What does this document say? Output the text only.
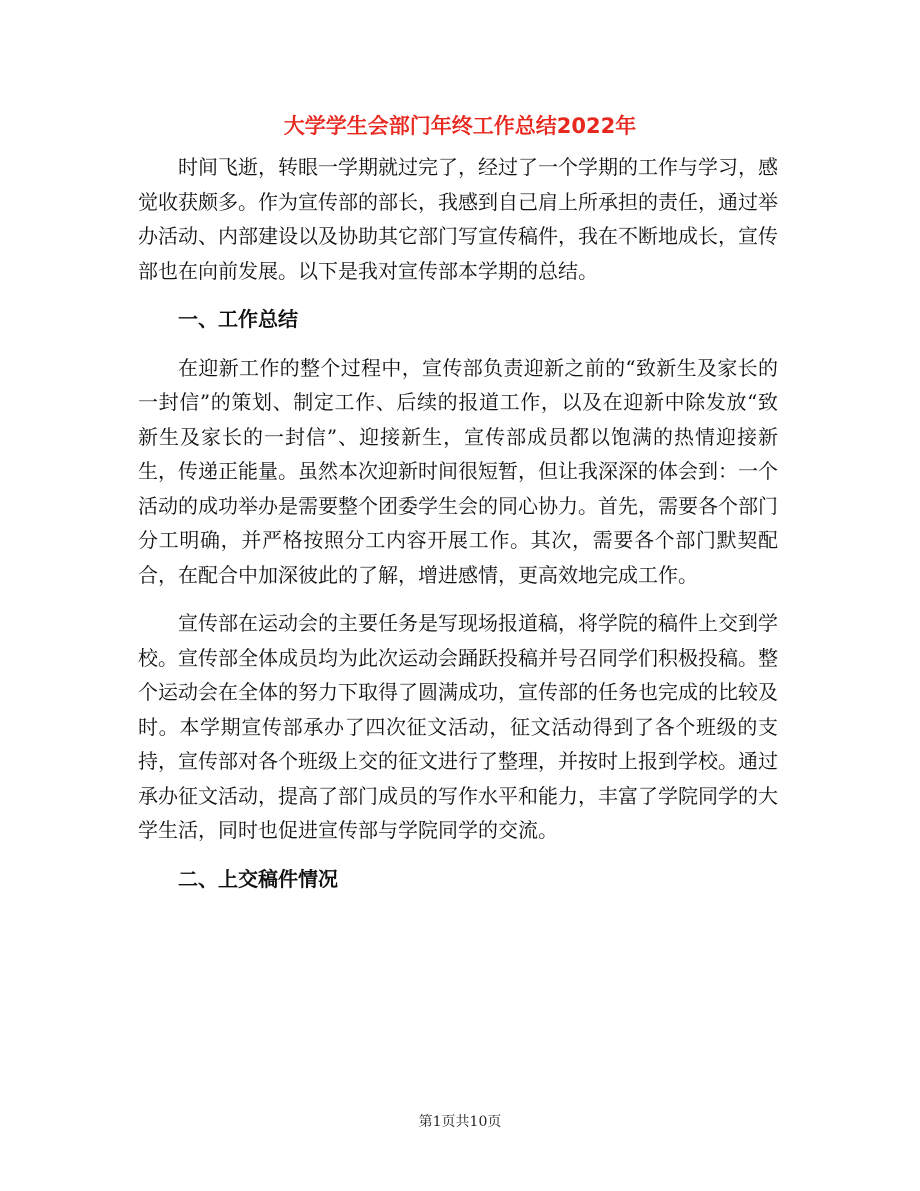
大学学生会部门年终工作总结2022年

时间飞逝，转眼一学期就过完了，经过了一个学期的工作与学习，感觉收获颇多。作为宣传部的部长，我感到自己肩上所承担的责任，通过举办活动、内部建设以及协助其它部门写宣传稿件，我在不断地成长，宣传部也在向前发展。以下是我对宣传部本学期的总结。

一、工作总结

在迎新工作的整个过程中，宣传部负责迎新之前的“致新生及家长的一封信”的策划、制定工作、后续的报道工作，以及在迎新中除发放“致新生及家长的一封信”、迎接新生，宣传部成员都以饱满的热情迎接新生，传递正能量。虽然本次迎新时间很短暂，但让我深深的体会到：一个活动的成功举办是需要整个团委学生会的同心协力。首先，需要各个部门分工明确，并严格按照分工内容开展工作。其次，需要各个部门默契配合，在配合中加深彼此的了解，增进感情，更高效地完成工作。

宣传部在运动会的主要任务是写现场报道稿，将学院的稿件上交到学校。宣传部全体成员均为此次运动会踊跃投稿并号召同学们积极投稿。整个运动会在全体的努力下取得了圆满成功，宣传部的任务也完成的比较及时。本学期宣传部承办了四次征文活动，征文活动得到了各个班级的支持，宣传部对各个班级上交的征文进行了整理，并按时上报到学校。通过承办征文活动，提高了部门成员的写作水平和能力，丰富了学院同学的大学生活，同时也促进宣传部与学院同学的交流。

二、上交稿件情况

第1页共10页
